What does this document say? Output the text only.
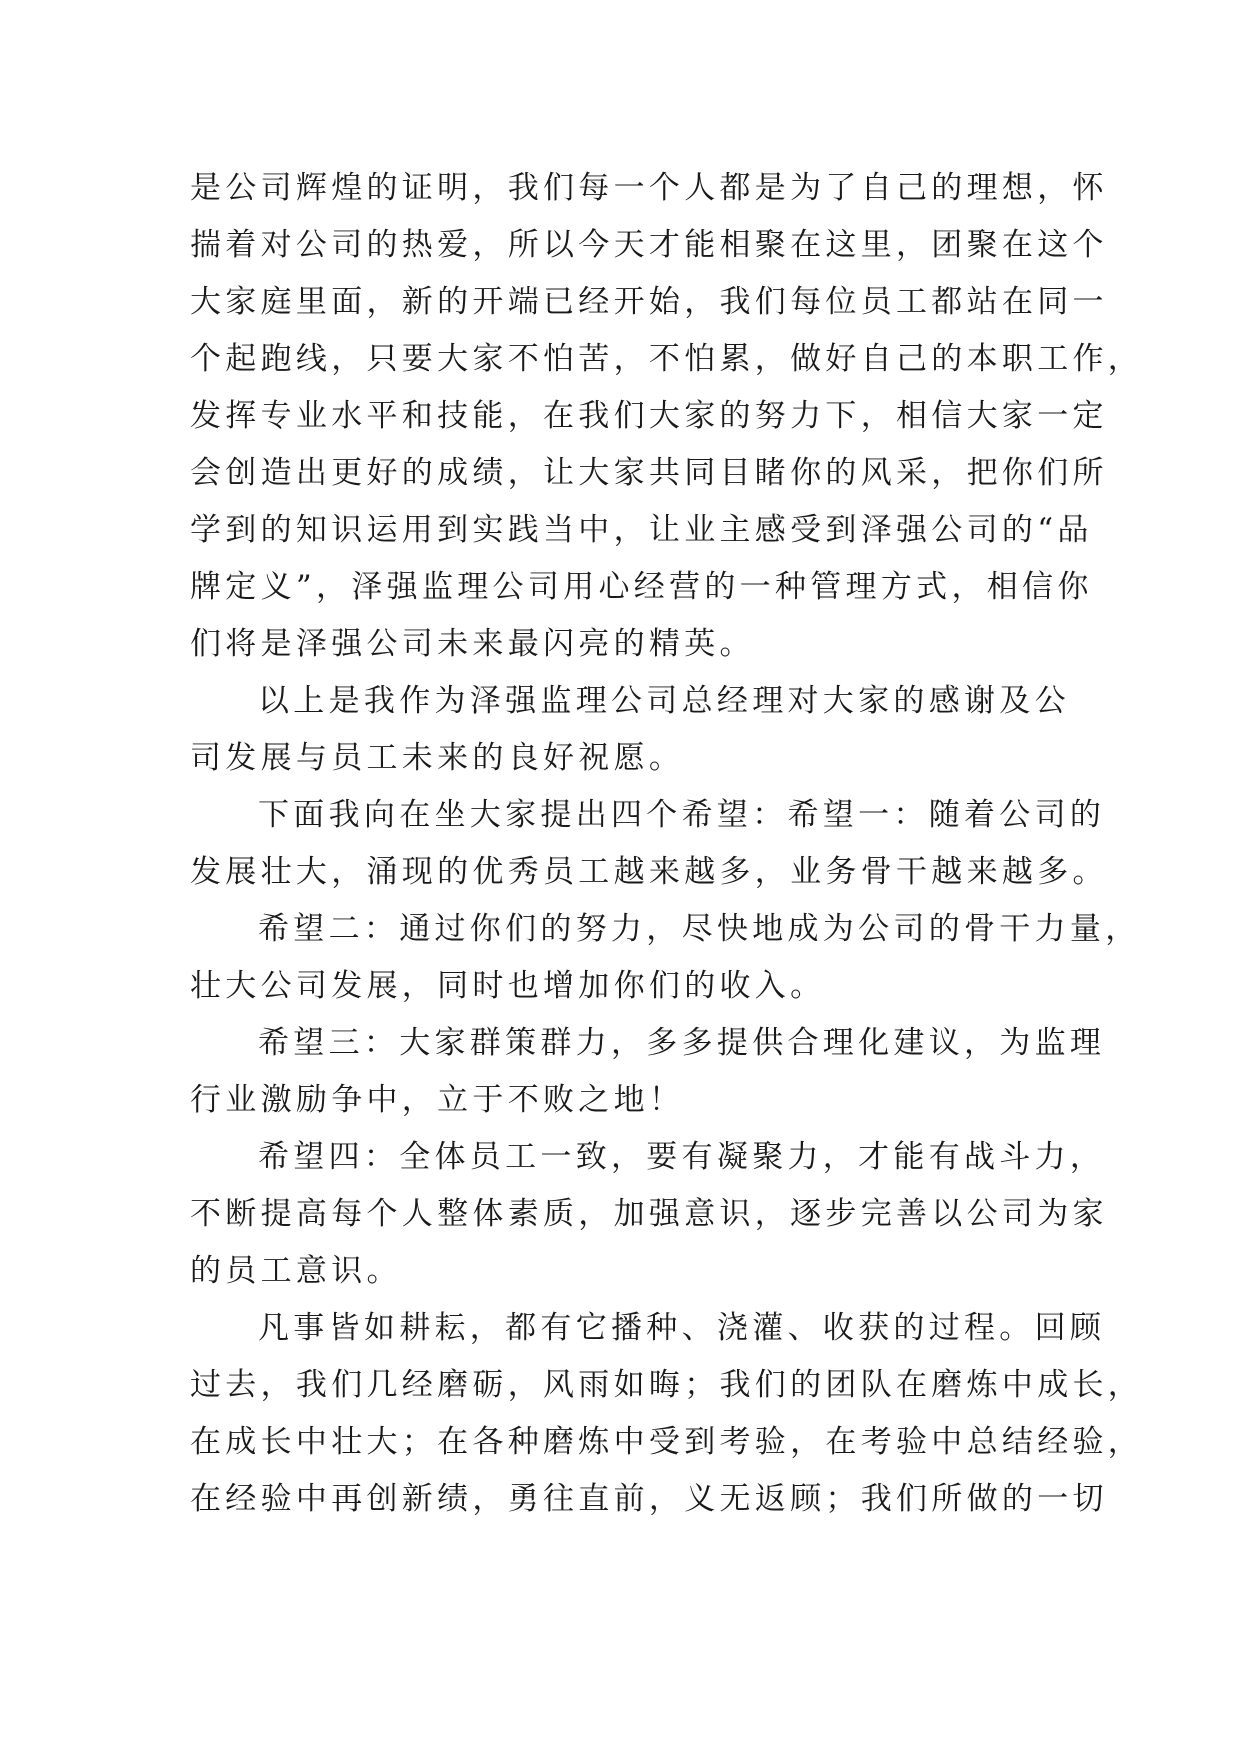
是公司辉煌的证明，我们每一个人都是为了自己的理想，怀
揣着对公司的热爱，所以今天才能相聚在这里，团聚在这个
大家庭里面，新的开端已经开始，我们每位员工都站在同一
个起跑线，只要大家不怕苦，不怕累，做好自己的本职工作，
发挥专业水平和技能，在我们大家的努力下，相信大家一定
会创造出更好的成绩，让大家共同目睹你的风采，把你们所
学到的知识运用到实践当中，让业主感受到泽强公司的“品
牌定义”，泽强监理公司用心经营的一种管理方式，相信你
们将是泽强公司未来最闪亮的精英。
以上是我作为泽强监理公司总经理对大家的感谢及公
司发展与员工未来的良好祝愿。
下面我向在坐大家提出四个希望：希望一：随着公司的
发展壮大，涌现的优秀员工越来越多，业务骨干越来越多。
希望二：通过你们的努力，尽快地成为公司的骨干力量，
壮大公司发展，同时也增加你们的收入。
希望三：大家群策群力，多多提供合理化建议，为监理
行业激励争中，立于不败之地！
希望四：全体员工一致，要有凝聚力，才能有战斗力，
不断提高每个人整体素质，加强意识，逐步完善以公司为家
的员工意识。
凡事皆如耕耘，都有它播种、浇灌、收获的过程。回顾
过去，我们几经磨砺，风雨如晦；我们的团队在磨炼中成长，
在成长中壮大；在各种磨炼中受到考验，在考验中总结经验，
在经验中再创新绩，勇往直前，义无返顾；我们所做的一切
